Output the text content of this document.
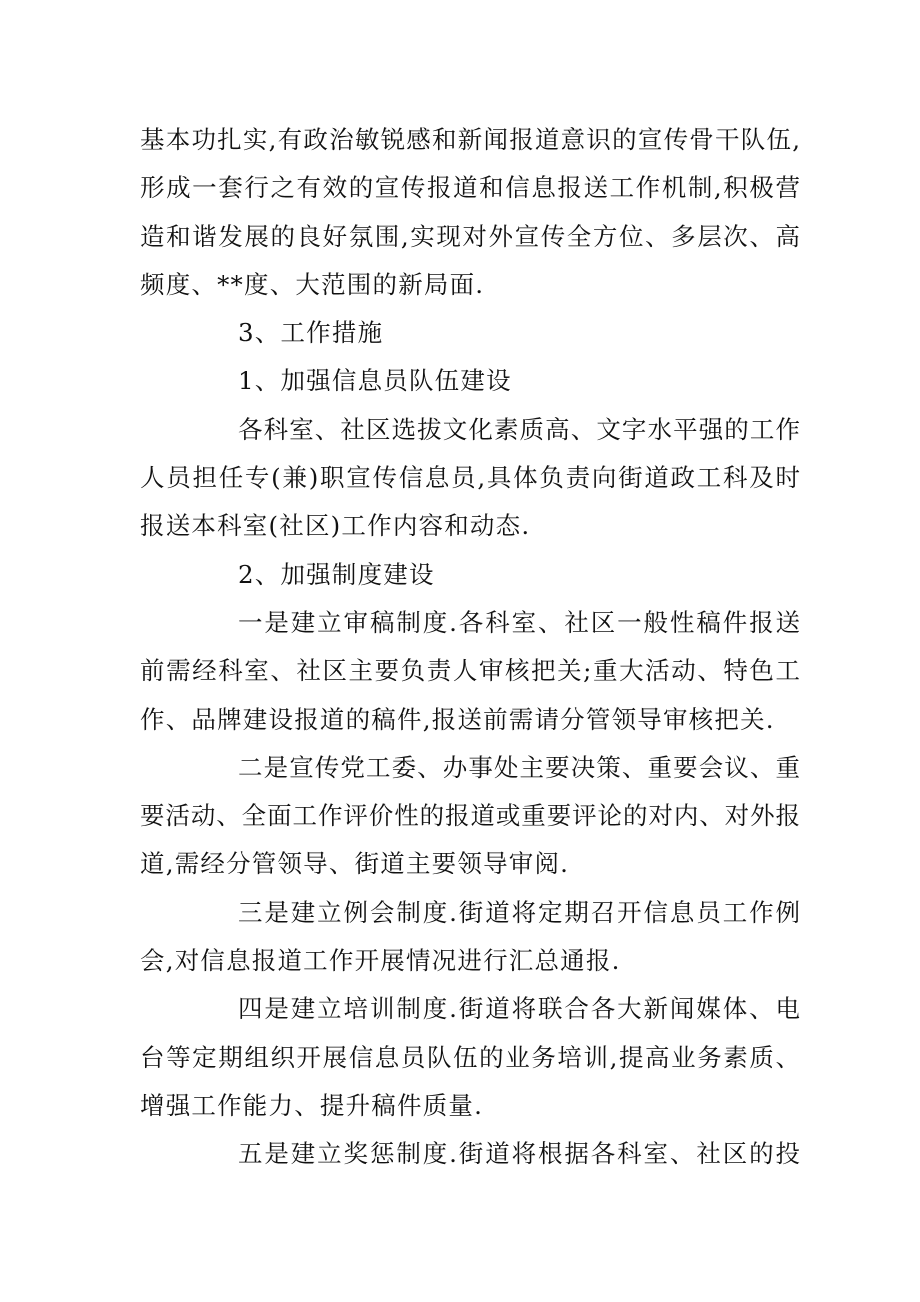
基本功扎实,有政治敏锐感和新闻报道意识的宣传骨干队伍,
形成一套行之有效的宣传报道和信息报送工作机制,积极营
造和谐发展的良好氛围,实现对外宣传全方位、多层次、高
频度、**度、大范围的新局面.
3、工作措施
1、加强信息员队伍建设
各科室、社区选拔文化素质高、文字水平强的工作
人员担任专(兼)职宣传信息员,具体负责向街道政工科及时
报送本科室(社区)工作内容和动态.
2、加强制度建设
一是建立审稿制度.各科室、社区一般性稿件报送
前需经科室、社区主要负责人审核把关;重大活动、特色工
作、品牌建设报道的稿件,报送前需请分管领导审核把关.
二是宣传党工委、办事处主要决策、重要会议、重
要活动、全面工作评价性的报道或重要评论的对内、对外报
道,需经分管领导、街道主要领导审阅.
三是建立例会制度.街道将定期召开信息员工作例
会,对信息报道工作开展情况进行汇总通报.
四是建立培训制度.街道将联合各大新闻媒体、电
台等定期组织开展信息员队伍的业务培训,提高业务素质、
增强工作能力、提升稿件质量.
五是建立奖惩制度.街道将根据各科室、社区的投
